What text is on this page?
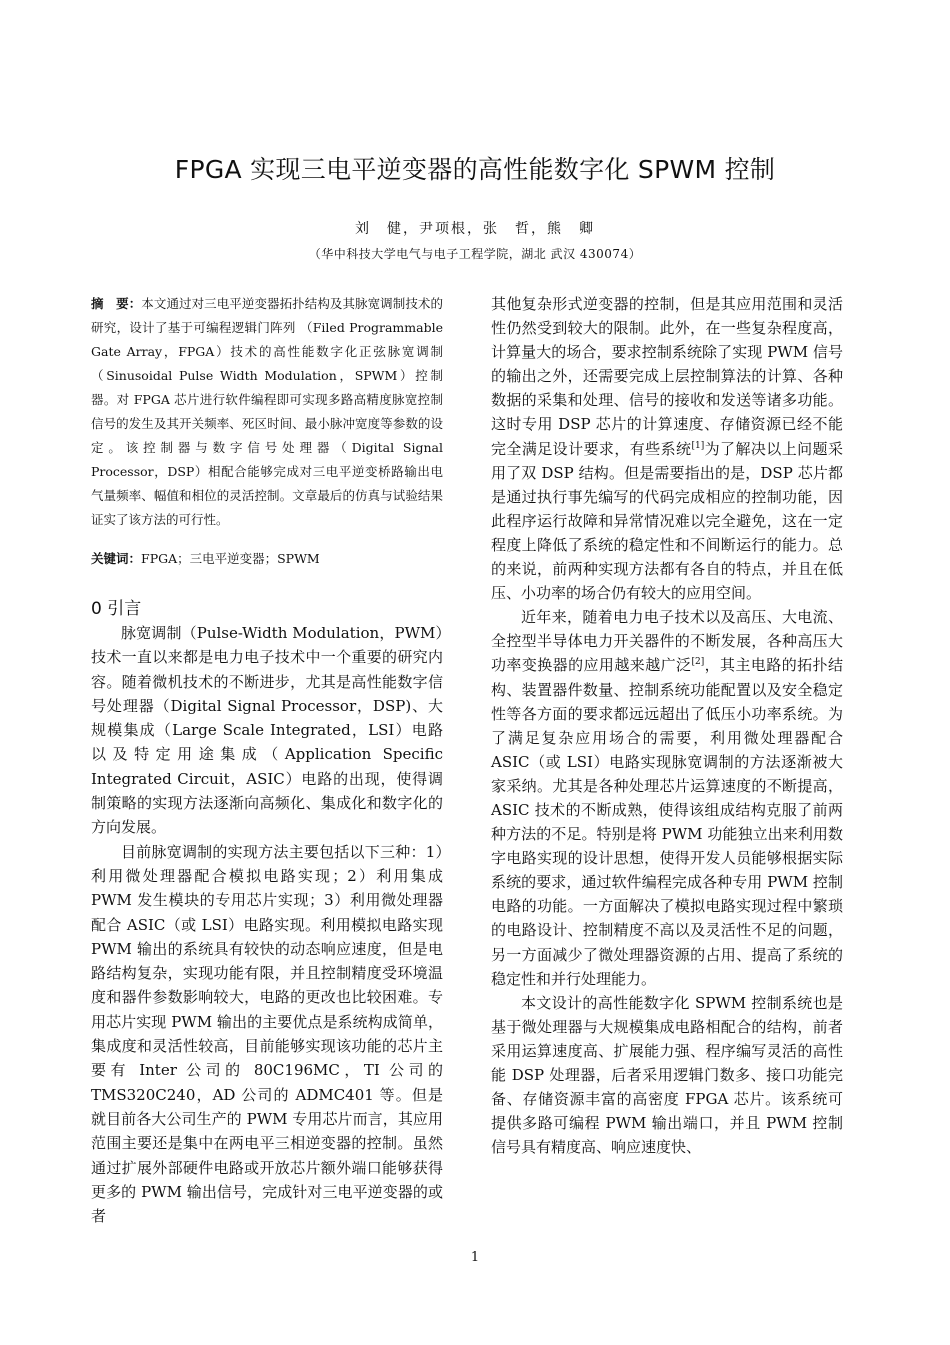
FPGA 实现三电平逆变器的高性能数字化 SPWM 控制
刘　健，尹项根，张　哲，熊　卿
（华中科技大学电气与电子工程学院，湖北 武汉 430074）

摘　要：本文通过对三电平逆变器拓扑结构及其脉宽调制技术的研究，设计了基于可编程逻辑门阵列 （Filed Programmable Gate Array，FPGA）技术的高性能数字化正弦脉宽调制（Sinusoidal Pulse Width Modulation，SPWM）控制器。对 FPGA 芯片进行软件编程即可实现多路高精度脉宽控制信号的发生及其开关频率、死区时间、最小脉冲宽度等参数的设定。该控制器与数字信号处理器（Digital Signal Processor，DSP）相配合能够完成对三电平逆变桥路输出电气量频率、幅值和相位的灵活控制。文章最后的仿真与试验结果证实了该方法的可行性。

关键词：FPGA；三电平逆变器；SPWM

0 引言

脉宽调制（Pulse-Width Modulation，PWM）技术一直以来都是电力电子技术中一个重要的研究内容。随着微机技术的不断进步，尤其是高性能数字信号处理器（Digital Signal Processor，DSP)、大规模集成（Large Scale Integrated，LSI）电路以及特定用途集成（Application Specific Integrated Circuit，ASIC）电路的出现，使得调制策略的实现方法逐渐向高频化、集成化和数字化的方向发展。

目前脉宽调制的实现方法主要包括以下三种：1）利用微处理器配合模拟电路实现；2）利用集成 PWM 发生模块的专用芯片实现；3）利用微处理器配合 ASIC（或 LSI）电路实现。利用模拟电路实现 PWM 输出的系统具有较快的动态响应速度，但是电路结构复杂，实现功能有限，并且控制精度受环境温度和器件参数影响较大，电路的更改也比较困难。专用芯片实现 PWM 输出的主要优点是系统构成简单，集成度和灵活性较高，目前能够实现该功能的芯片主要有 Inter 公司的 80C196MC，TI 公司的 TMS320C240，AD 公司的 ADMC401 等。但是就目前各大公司生产的 PWM 专用芯片而言，其应用范围主要还是集中在两电平三相逆变器的控制。虽然通过扩展外部硬件电路或开放芯片额外端口能够获得更多的 PWM 输出信号，完成针对三电平逆变器的或者

其他复杂形式逆变器的控制，但是其应用范围和灵活性仍然受到较大的限制。此外，在一些复杂程度高，计算量大的场合，要求控制系统除了实现 PWM 信号的输出之外，还需要完成上层控制算法的计算、各种数据的采集和处理、信号的接收和发送等诸多功能。这时专用 DSP 芯片的计算速度、存储资源已经不能完全满足设计要求，有些系统[1]为了解决以上问题采用了双 DSP 结构。但是需要指出的是，DSP 芯片都是通过执行事先编写的代码完成相应的控制功能，因此程序运行故障和异常情况难以完全避免，这在一定程度上降低了系统的稳定性和不间断运行的能力。总的来说，前两种实现方法都有各自的特点，并且在低压、小功率的场合仍有较大的应用空间。

近年来，随着电力电子技术以及高压、大电流、全控型半导体电力开关器件的不断发展，各种高压大功率变换器的应用越来越广泛[2]，其主电路的拓扑结构、装置器件数量、控制系统功能配置以及安全稳定性等各方面的要求都远远超出了低压小功率系统。为了满足复杂应用场合的需要，利用微处理器配合 ASIC（或 LSI）电路实现脉宽调制的方法逐渐被大家采纳。尤其是各种处理芯片运算速度的不断提高，ASIC 技术的不断成熟，使得该组成结构克服了前两种方法的不足。特别是将 PWM 功能独立出来利用数字电路实现的设计思想，使得开发人员能够根据实际系统的要求，通过软件编程完成各种专用 PWM 控制电路的功能。一方面解决了模拟电路实现过程中繁琐的电路设计、控制精度不高以及灵活性不足的问题，另一方面减少了微处理器资源的占用、提高了系统的稳定性和并行处理能力。

本文设计的高性能数字化 SPWM 控制系统也是基于微处理器与大规模集成电路相配合的结构，前者采用运算速度高、扩展能力强、程序编写灵活的高性能 DSP 处理器，后者采用逻辑门数多、接口功能完备、存储资源丰富的高密度 FPGA 芯片。该系统可提供多路可编程 PWM 输出端口，并且 PWM 控制信号具有精度高、响应速度快、

1
